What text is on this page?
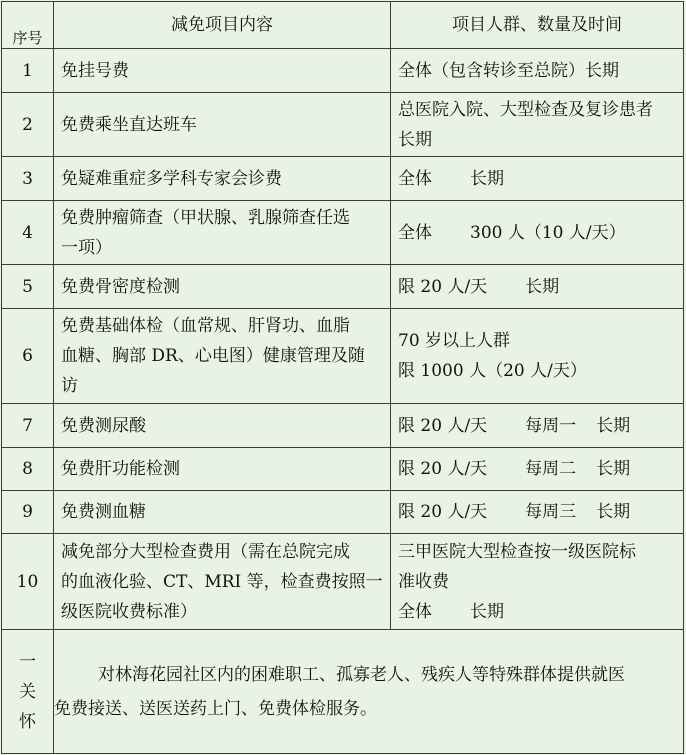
序号	减免项目内容	项目人群、数量及时间
1	免挂号费	全体（包含转诊至总院）长期

2	免费乘坐直达班车	总医院入院、大型检查及复诊患者
长期

3	免疑难重症多学科专家会诊费	全体 长期
4	免费肿瘤筛查（甲状腺、乳腺筛查任选
一项）	全体 300 人（10 人/天）
5	免费骨密度检测	限 20 人/天 长期
6	免费基础体检（血常规、肝肾功、血脂
血糖、胸部 DR、心电图）健康管理及随
访	70 岁以上人群
限 1000 人（20 人/天）

7	免费测尿酸	限 20 人/天 每周一 长期
8	免费肝功能检测	限 20 人/天 每周二 长期
9	免费测血糖	限 20 人/天 每周三 长期
10	减免部分大型检查费用（需在总院完成
的血液化验、CT、MRI 等，检查费按照一
级医院收费标准）	三甲医院大型检查按一级医院标
准收费
全体 长期

一
关
怀	对林海花园社区内的困难职工、孤寡老人、残疾人等特殊群体提供就医
免费接送、送医送药上门、免费体检服务。	
